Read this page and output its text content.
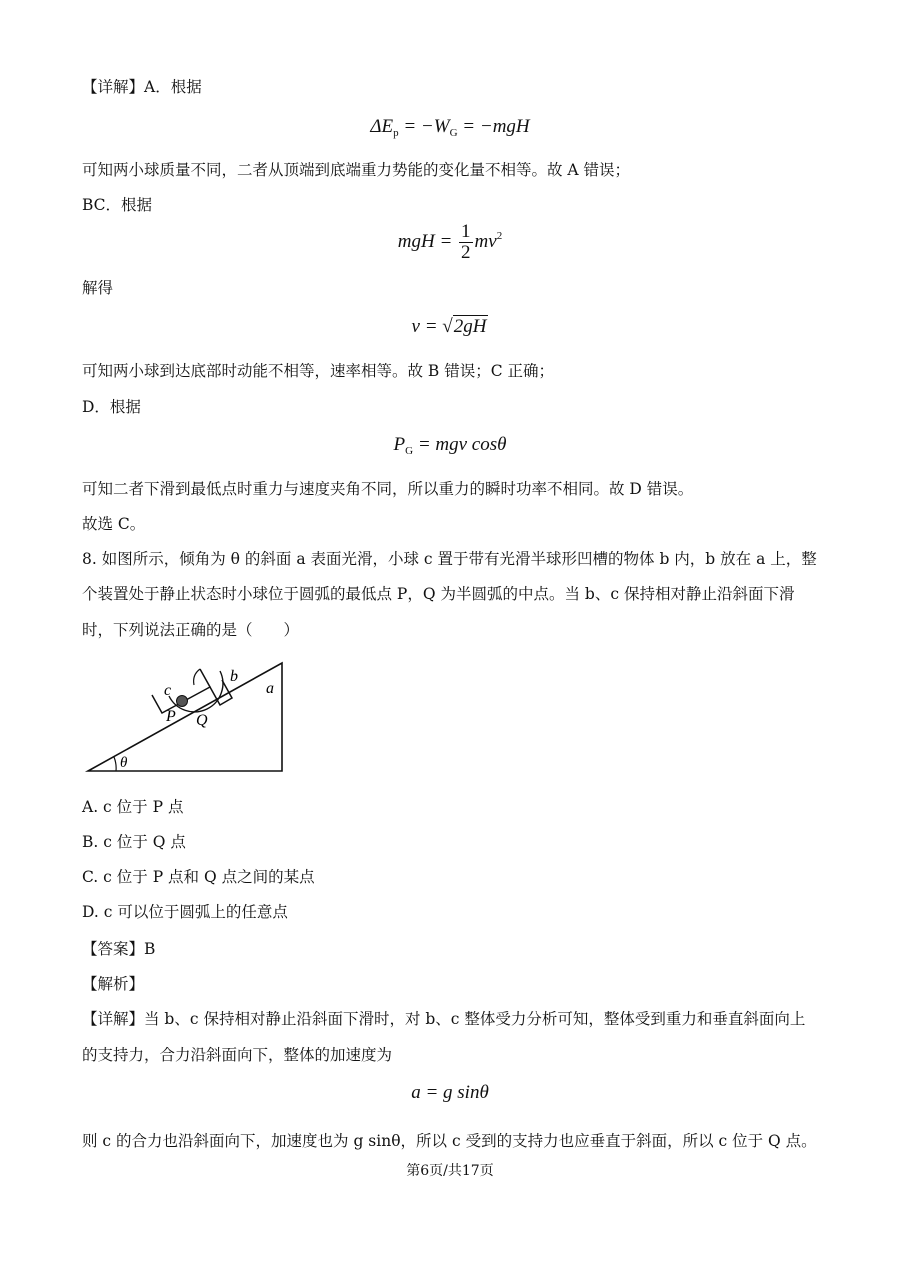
【详解】A．根据
$\Delta E_p = -W_G = -mgH$
可知两小球质量不同，二者从顶端到底端重力势能的变化量不相等。故 A 错误；
BC．根据
mgH = $\frac{1}{2} mv^2$
解得
v = √2gH
可知两小球到达底部时动能不相等，速率相等。故 B 错误；C 正确；
D．根据
$P_G$ = mgv cosθ
可知二者下滑到最低点时重力与速度夹角不同，所以重力的瞬时功率不相同。故 D 错误。
故选 C。
8. 如图所示，倾角为 θ 的斜面 a 表面光滑，小球 c 置于带有光滑半球形凹槽的物体 b 内，b 放在 a 上，整
个装置处于静止状态时小球位于圆弧的最低点 P，Q 为半圆弧的中点。当 b、c 保持相对静止沿斜面下滑
时，下列说法正确的是（　　）
a
b
c
P Q
θ
A. c 位于 P 点
B. c 位于 Q 点
C. c 位于 P 点和 Q 点之间的某点
D. c 可以位于圆弧上的任意点
【答案】B
【解析】
【详解】当 b、c 保持相对静止沿斜面下滑时，对 b、c 整体受力分析可知，整体受到重力和垂直斜面向上
的支持力，合力沿斜面向下，整体的加速度为
a = g sinθ
则 c 的合力也沿斜面向下，加速度也为 g sinθ，所以 c 受到的支持力也应垂直于斜面，所以 c 位于 Q 点。
第6页/共17页
